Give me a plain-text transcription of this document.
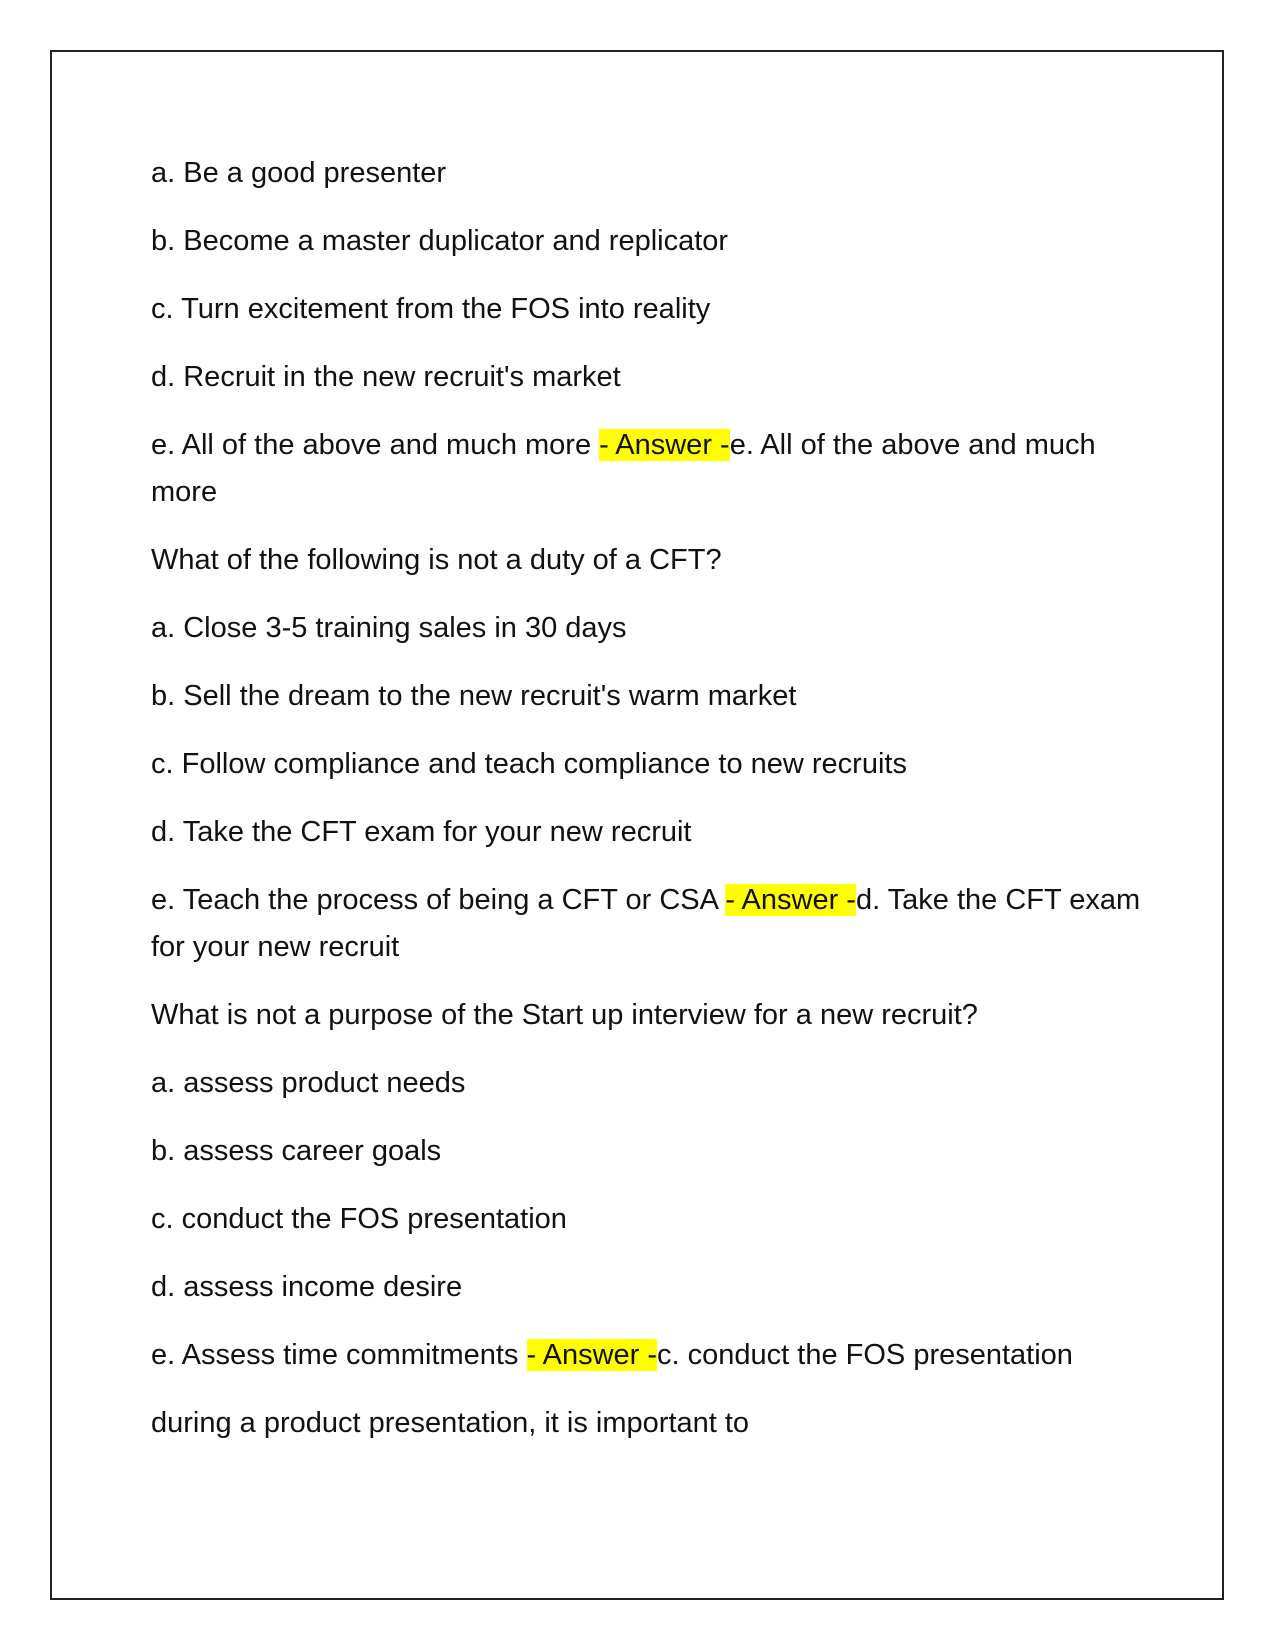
a. Be a good presenter

b. Become a master duplicator and replicator

c. Turn excitement from the FOS into reality

d. Recruit in the new recruit's market

e. All of the above and much more - Answer -e. All of the above and much more

What of the following is not a duty of a CFT?

a. Close 3-5 training sales in 30 days

b. Sell the dream to the new recruit's warm market

c. Follow compliance and teach compliance to new recruits

d. Take the CFT exam for your new recruit

e. Teach the process of being a CFT or CSA - Answer -d. Take the CFT exam for your new recruit

What is not a purpose of the Start up interview for a new recruit?

a. assess product needs

b. assess career goals

c. conduct the FOS presentation

d. assess income desire

e. Assess time commitments - Answer -c. conduct the FOS presentation

during a product presentation, it is important to
